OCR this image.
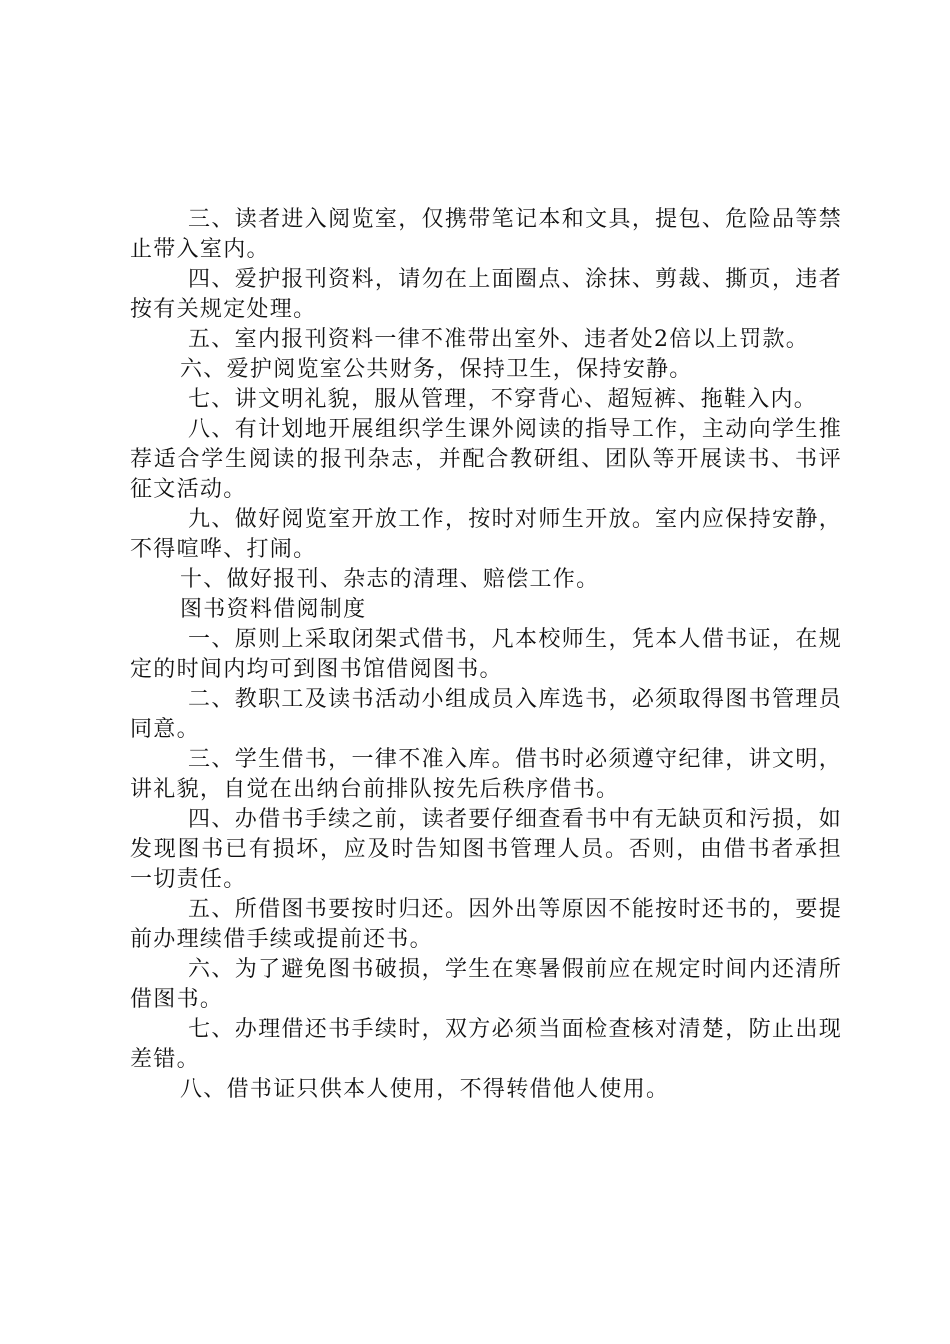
三、读者进入阅览室，仅携带笔记本和文具，提包、危险品等禁止带入室内。

四、爱护报刊资料，请勿在上面圈点、涂抹、剪裁、撕页，违者按有关规定处理。

五、室内报刊资料一律不准带出室外、违者处2倍以上罚款。

六、爱护阅览室公共财务，保持卫生，保持安静。

七、讲文明礼貌，服从管理，不穿背心、超短裤、拖鞋入内。

八、有计划地开展组织学生课外阅读的指导工作，主动向学生推荐适合学生阅读的报刊杂志，并配合教研组、团队等开展读书、书评征文活动。

九、做好阅览室开放工作，按时对师生开放。室内应保持安静，不得喧哗、打闹。

十、做好报刊、杂志的清理、赔偿工作。

图书资料借阅制度

一、原则上采取闭架式借书，凡本校师生，凭本人借书证，在规定的时间内均可到图书馆借阅图书。

二、教职工及读书活动小组成员入库选书，必须取得图书管理员同意。

三、学生借书，一律不准入库。借书时必须遵守纪律，讲文明，讲礼貌，自觉在出纳台前排队按先后秩序借书。

四、办借书手续之前，读者要仔细查看书中有无缺页和污损，如发现图书已有损坏，应及时告知图书管理人员。否则，由借书者承担一切责任。

五、所借图书要按时归还。因外出等原因不能按时还书的，要提前办理续借手续或提前还书。

六、为了避免图书破损，学生在寒暑假前应在规定时间内还清所借图书。

七、办理借还书手续时，双方必须当面检查核对清楚，防止出现差错。

八、借书证只供本人使用，不得转借他人使用。
